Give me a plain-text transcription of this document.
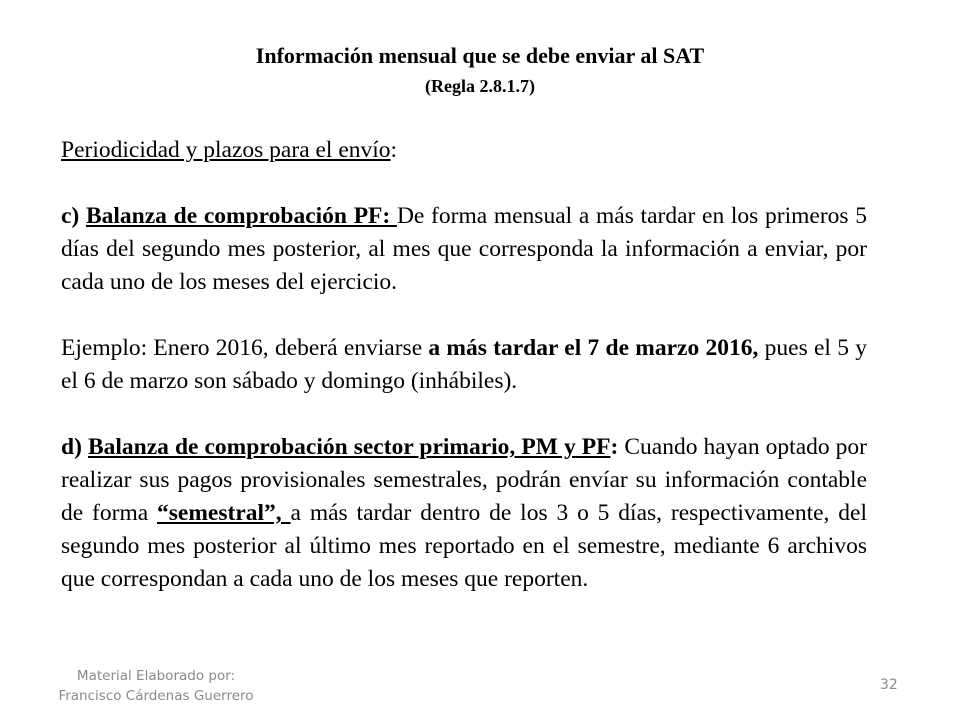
Información mensual que se debe enviar al SAT
(Regla 2.8.1.7)

Periodicidad y plazos para el envío:

c) Balanza de comprobación PF: De forma mensual a más tardar en los primeros 5 días del segundo mes posterior, al mes que corresponda la información a enviar, por cada uno de los meses del ejercicio.

Ejemplo: Enero 2016, deberá enviarse a más tardar el 7 de marzo 2016, pues el 5 y el 6 de marzo son sábado y domingo (inhábiles).

d) Balanza de comprobación sector primario, PM y PF: Cuando hayan optado por realizar sus pagos provisionales semestrales, podrán envíar su información contable de forma “semestral”, a más tardar dentro de los 3 o 5 días, respectivamente, del segundo mes posterior al último mes reportado en el semestre, mediante 6 archivos que correspondan a cada uno de los meses que reporten.

Material Elaborado por:
Francisco Cárdenas Guerrero
32
